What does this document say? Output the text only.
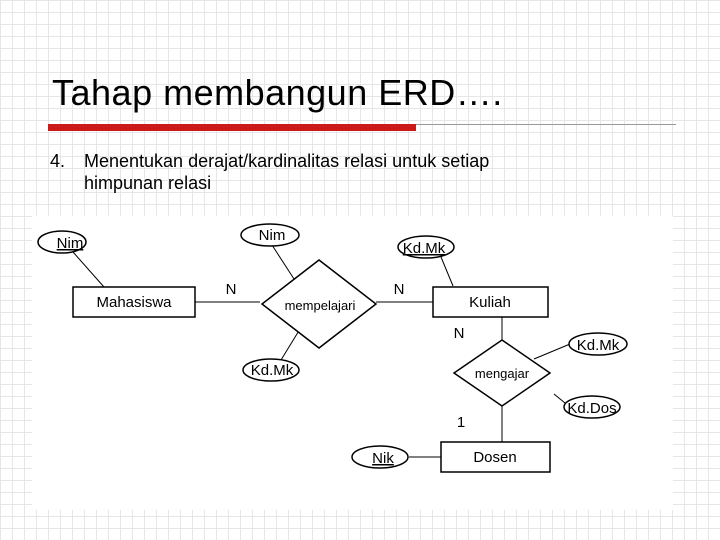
Tahap membangun ERD….

4. Menentukan derajat/kardinalitas relasi untuk setiap
himpunan relasi

Mahasiswa	Kuliah
Dosen
mempelajari
mengajar
Nim	Nim
Kd.Mk
Kd.Mk
Kd.Mk
Kd.Dos
Nik
N	N
N
1
